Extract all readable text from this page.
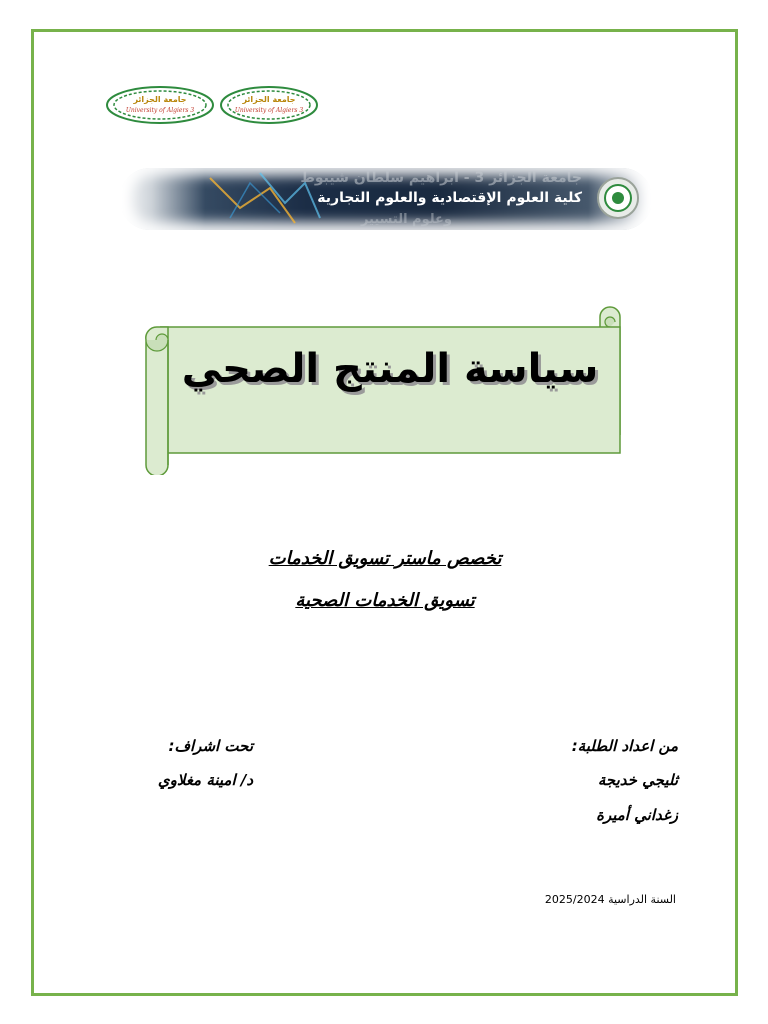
جامعة الجزائر
University of Algiers 3
جامعة الجزائر
University of Algiers 3
جامعة الجزائر 3 - ابراهيم سلطان شيبوط
كلية العلوم الإقتصادية والعلوم التجارية
وعلوم التسيير
سياسة المنتج الصحي
تخصص ماستر تسويق الخدمات
تسويق الخدمات الصحية
من اعداد الطلبة:
ثليجي خديجة
زغداني أميرة
تحت اشراف:
د/ امينة مغلاوي
السنة الدراسية 2025/2024
